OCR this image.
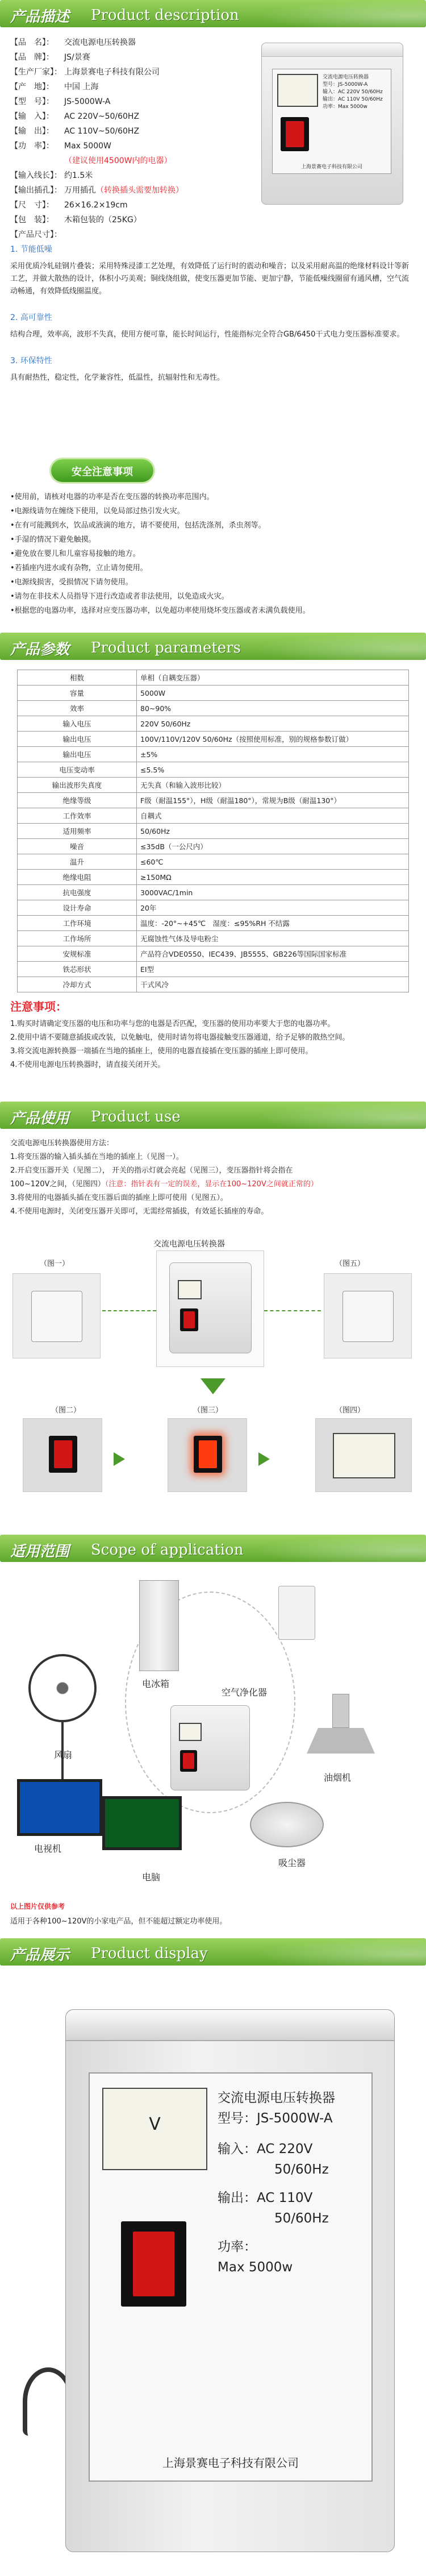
产品描述 Product description
【品　名】： 交流电源电压转换器
【品　牌】： JS/景赛
【生产厂家】： 上海景赛电子科技有限公司
【产　地】： 中国 上海
【型　号】： JS-5000W-A
【输　入】： AC 220V~50/60HZ
【输　出】： AC 110V~50/60HZ
【功　率】： Max 5000W
（建议使用4500W内的电器）
【输入线长】： 约1.5米
【输出插孔】： 万用插孔（转换插头需要加转换）
【尺　寸】： 26×16.2×19cm
【包　装】： 木箱包装的（25KG）
【产品尺寸】：
交流电源电压转换器
型号：JS-5000W-A
输入：AC 220V 50/60Hz
输出：AC 110V 50/60Hz
功率：Max 5000w
上海景赛电子科技有限公司
1. 节能低噪
采用优质冷轧硅钢片叠装；采用特殊浸漆工艺处理，有效降低了运行时的震动和噪音；以及采用耐高温的绝缘材料设计等新工艺，并做大散热的设计，体积小巧美观；铜线绕组做，使变压器更加节能、更加宁静，节能低噪线圈留有通风槽，空气流动畅通，有效降低线圈温度。
2. 高可靠性
结构合理，效率高，波形不失真，使用方便可靠，能长时间运行，性能指标完全符合GB/6450干式电力变压器标准要求。
3. 环保特性
具有耐热性，稳定性，化学兼容性，低温性，抗辐射性和无毒性。
安全注意事项
•使用前，请核对电器的功率是否在变压器的转换功率范围内。
•电源线请勿在缠绕下使用，以免局部过热引发火灾。
•在有可能溅到水，饮品或液滴的地方，请不要使用，包括洗涤剂，杀虫剂等。
•手湿的情况下避免触摸。
•避免放在婴儿和儿童容易接触的地方。
•若插座内进水或有杂物，立止请勿使用。
•电源线损害，受损情况下请勿使用。
•请勿在非技术人员指导下进行改造或者非法使用，以免造成火灾。
•根据您的电器功率，选择对应变压器功率，以免超功率使用烧坏变压器或者未满负载使用。
产品参数 Product parameters
相数	单相（自耦变压器）
容量	5000W
效率	80~90%
输入电压	220V 50/60Hz
输出电压	100V/110V/120V 50/60Hz（按照使用标准，别的规格参数订做）
输出电压	±5%
电压变动率	≤5.5%
输出波形失真度	无失真（和输入波形比较）
绝缘等级	F级（耐温155°），H级（耐温180°），常规为B级（耐温130°）
工作效率	自耦式
适用频率	50/60Hz
噪音	≤35dB（一公尺内）
温升	≤60℃
绝缘电阻	≥150MΩ
抗电强度	3000VAC/1min
设计寿命	20年
工作环境	温度：-20°~+45℃　湿度：≤95%RH 不结露
工作场所	无腐蚀性气体及导电粉尘
安规标准	产品符合VDE0550、IEC439、JB5555、GB226等国际国家标准
铁芯形状	EI型
冷却方式	干式风冷
注意事项：
1.购买时请确定变压器的电压和功率与您的电器是否匹配，变压器的使用功率要大于您的电器功率。
2.使用中请不要随意插拔或改装，以免触电，使用时请勿将电器接触变压器通道，给予足够的散热空间。
3.将交流电源转换器一端插在当地的插座上，使用的电器直接插在变压器的插座上即可使用。
4.不使用电源电压转换器时，请直接关闭开关。
产品使用 Product use
交流电源电压转换器使用方法：
1.将变压器的输入插头插在当地的插座上（见图一）。
2.开启变压器开关（见图二）， 开关的指示灯就会亮起（见图三），变压器指针将会指在
100~120V之间，（见图四）（注意：指针表有一定的误差，显示在100~120V之间就正常的）
3.将使用的电器插头插在变压器后面的插座上即可使用（见图五）。
4.不使用电源时，关闭变压器开关即可，无需经常插拔，有效延长插座的寿命。
交流电源电压转换器
（图一）	（图五）
（图二）	（图三）	（图四）
适用范围 Scope of application
电冰箱
空气净化器
风扇
油烟机
电视机
电脑
吸尘器
以上图片仅供参考
适用于各种100~120V的小家电产品，但不能超过额定功率使用。
产品展示 Product display
V
交流电源电压转换器
型号：JS-5000W-A
输入：AC 220V
50/60Hz
输出：AC 110V
50/60Hz
功率：
Max 5000w
上海景赛电子科技有限公司
